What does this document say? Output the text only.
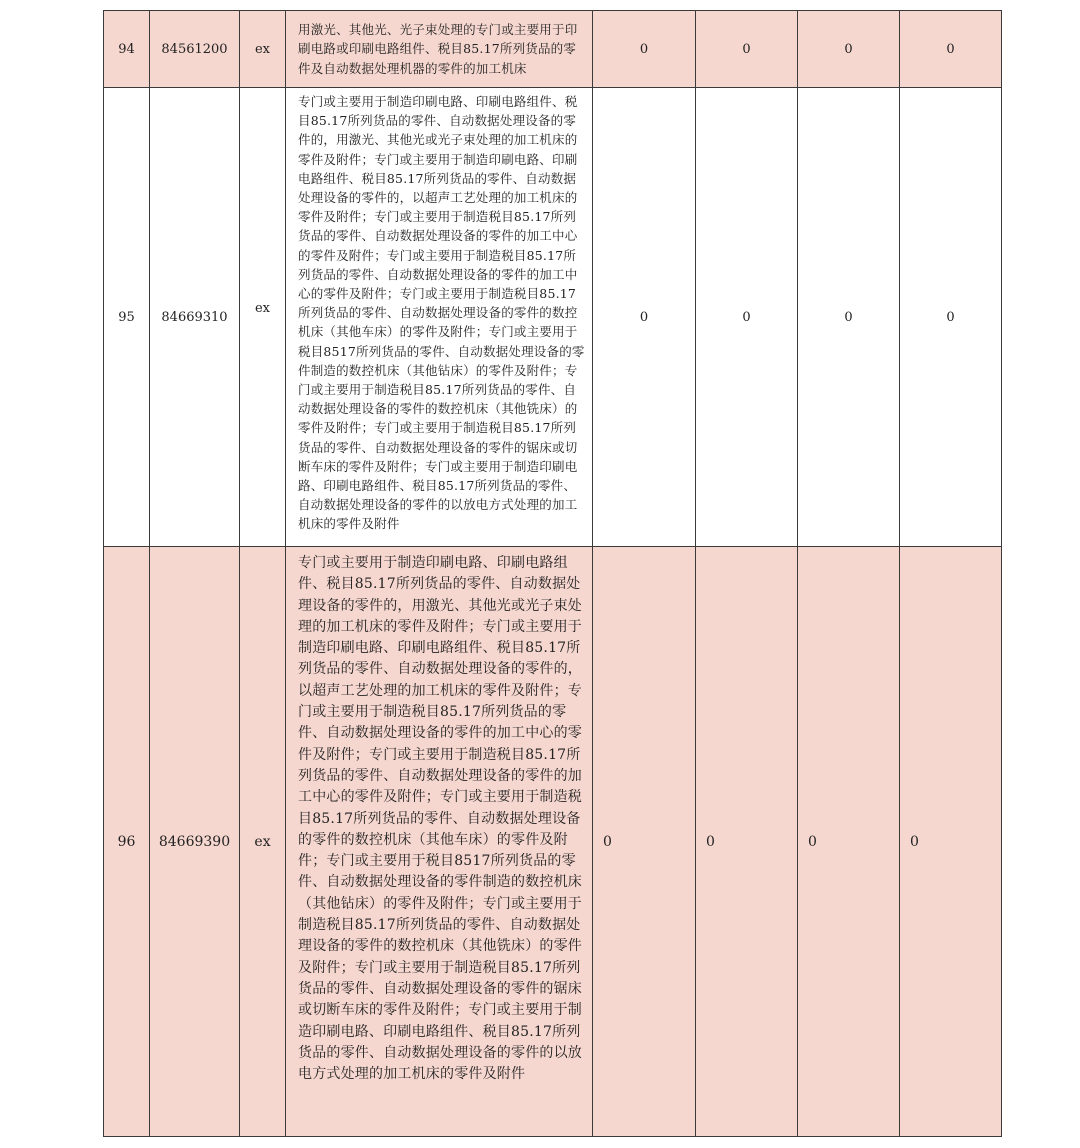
94	84561200	ex	用激光、其他光、光子束处理的专门或主要用于印刷电路或印刷电路组件、税目85.17所列货品的零件及自动数据处理机器的零件的加工机床	0	0	0	0
95	84669310	ex	专门或主要用于制造印刷电路、印刷电路组件、税目85.17所列货品的零件、自动数据处理设备的零件的，用激光、其他光或光子束处理的加工机床的零件及附件；专门或主要用于制造印刷电路、印刷电路组件、税目85.17所列货品的零件、自动数据处理设备的零件的，以超声工艺处理的加工机床的零件及附件；专门或主要用于制造税目85.17所列货品的零件、自动数据处理设备的零件的加工中心的零件及附件；专门或主要用于制造税目85.17所列货品的零件、自动数据处理设备的零件的加工中心的零件及附件；专门或主要用于制造税目85.17所列货品的零件、自动数据处理设备的零件的数控机床（其他车床）的零件及附件；专门或主要用于税目8517所列货品的零件、自动数据处理设备的零件制造的数控机床（其他钻床）的零件及附件；专门或主要用于制造税目85.17所列货品的零件、自动数据处理设备的零件的数控机床（其他铣床）的零件及附件；专门或主要用于制造税目85.17所列货品的零件、自动数据处理设备的零件的锯床或切断车床的零件及附件；专门或主要用于制造印刷电路、印刷电路组件、税目85.17所列货品的零件、自动数据处理设备的零件的以放电方式处理的加工机床的零件及附件	0	0	0	0
96	84669390	ex	专门或主要用于制造印刷电路、印刷电路组件、税目85.17所列货品的零件、自动数据处理设备的零件的，用激光、其他光或光子束处理的加工机床的零件及附件；专门或主要用于制造印刷电路、印刷电路组件、税目85.17所列货品的零件、自动数据处理设备的零件的，以超声工艺处理的加工机床的零件及附件；专门或主要用于制造税目85.17所列货品的零件、自动数据处理设备的零件的加工中心的零件及附件；专门或主要用于制造税目85.17所列货品的零件、自动数据处理设备的零件的加工中心的零件及附件；专门或主要用于制造税目85.17所列货品的零件、自动数据处理设备的零件的数控机床（其他车床）的零件及附件；专门或主要用于税目8517所列货品的零件、自动数据处理设备的零件制造的数控机床（其他钻床）的零件及附件；专门或主要用于制造税目85.17所列货品的零件、自动数据处理设备的零件的数控机床（其他铣床）的零件及附件；专门或主要用于制造税目85.17所列货品的零件、自动数据处理设备的零件的锯床或切断车床的零件及附件；专门或主要用于制造印刷电路、印刷电路组件、税目85.17所列货品的零件、自动数据处理设备的零件的以放电方式处理的加工机床的零件及附件	0	0	0	0
